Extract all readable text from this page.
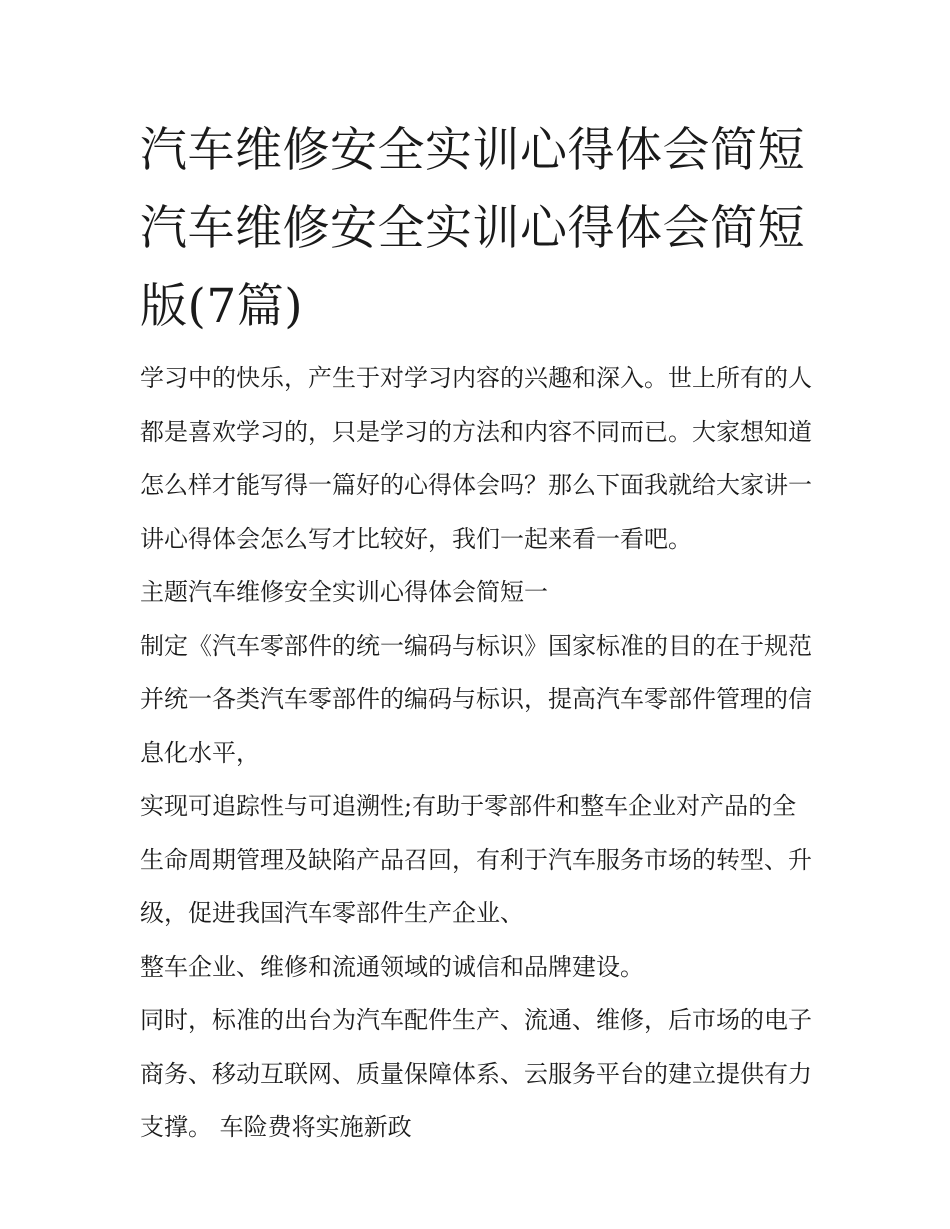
汽车维修安全实训心得体会简短 汽车维修安全实训心得体会简短版(7篇)

学习中的快乐，产生于对学习内容的兴趣和深入。世上所有的人都是喜欢学习的，只是学习的方法和内容不同而已。大家想知道怎么样才能写得一篇好的心得体会吗？那么下面我就给大家讲一讲心得体会怎么写才比较好，我们一起来看一看吧。

主题汽车维修安全实训心得体会简短一

制定《汽车零部件的统一编码与标识》国家标准的目的在于规范并统一各类汽车零部件的编码与标识，提高汽车零部件管理的信息化水平，

实现可追踪性与可追溯性;有助于零部件和整车企业对产品的全生命周期管理及缺陷产品召回，有利于汽车服务市场的转型、升级，促进我国汽车零部件生产企业、

整车企业、维修和流通领域的诚信和品牌建设。

同时，标准的出台为汽车配件生产、流通、维修，后市场的电子商务、移动互联网、质量保障体系、云服务平台的建立提供有力支撑。 车险费将实施新政
